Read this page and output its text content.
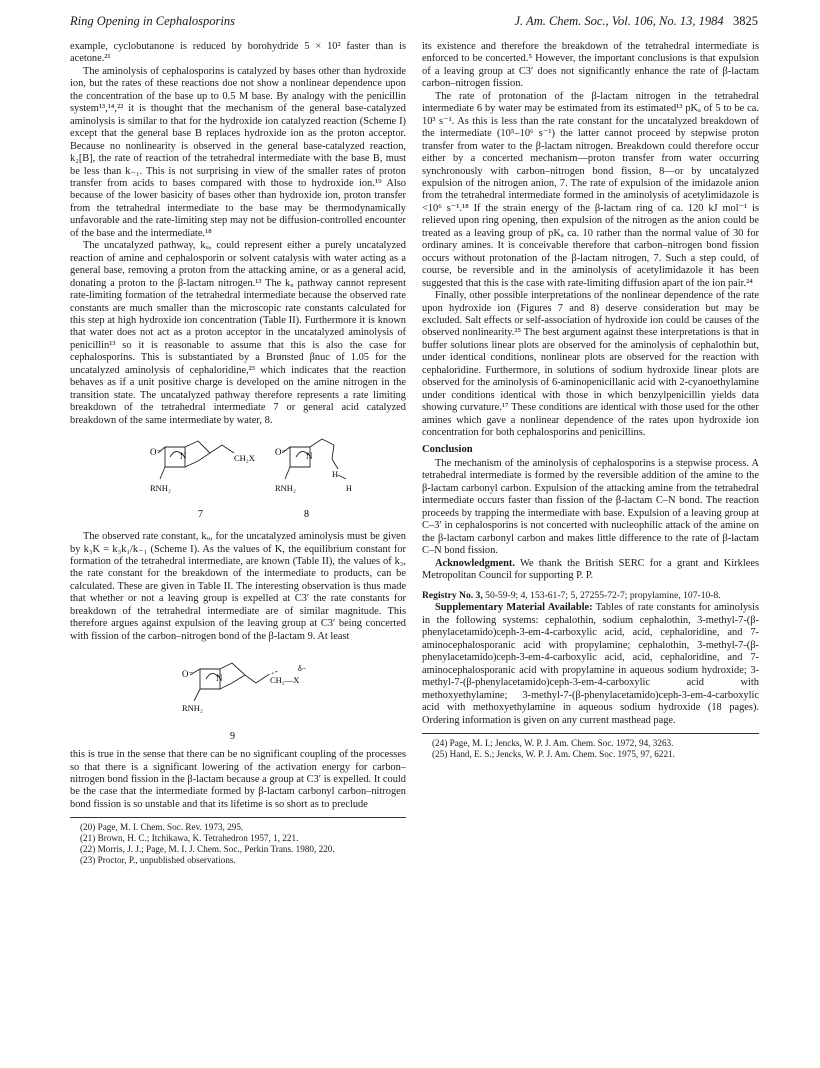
Ring Opening in Cephalosporins	J. Am. Chem. Soc., Vol. 106, No. 13, 1984 3825

example, cyclobutanone is reduced by borohydride 5 × 10² faster than is acetone.²¹

The aminolysis of cephalosporins is catalyzed by bases other than hydroxide ion, but the rates of these reactions doe not show a nonlinear dependence upon the concentration of the base up to 0.5 M base. By analogy with the penicillin system¹³,¹⁴,²² it is thought that the mechanism of the general base-catalyzed aminolysis is similar to that for the hydroxide ion catalyzed reaction (Scheme I) except that the general base B replaces hydroxide ion as the proton acceptor. Because no nonlinearity is observed in the general base-catalyzed reaction, k₂[B], the rate of reaction of the tetrahedral intermediate with the base B, must be less than k₋₁. This is not surprising in view of the smaller rates of proton transfer from acids to bases compared with those to hydroxide ion.¹⁹ Also because of the lower basicity of bases other than hydroxide ion, proton transfer from the tetrahedral intermediate to the base may be thermodynamically unfavorable and the rate-limiting step may not be diffusion-controlled encounter of the base and the intermediate.¹⁸

The uncatalyzed pathway, kᵤ, could represent either a purely uncatalyzed reaction of amine and cephalosporin or solvent catalysis with water acting as a general base, removing a proton from the attacking amine, or as a general acid, donating a proton to the β-lactam nitrogen.¹³ The kᵤ pathway cannot represent rate-limiting formation of the tetrahedral intermediate because the observed rate constants are much smaller than the microscopic rate constants calculated for this step at high hydroxide ion concentration (Table II). Furthermore it is known that water does not act as a proton acceptor in the uncatalyzed aminolysis of penicillin¹³ so it is reasonable to assume that this is also the case for cephalosporins. This is substantiated by a Brønsted βnuc of 1.05 for the uncatalyzed aminolysis of cephaloridine,²³ which indicates that the reaction behaves as if a unit positive charge is developed on the amine nitrogen in the transition state. The uncatalyzed pathway therefore represents a rate limiting breakdown of the tetrahedral intermediate 7 or general acid catalyzed breakdown of the same intermediate by water, 8.

O⁻ N	CH₂X
RNH₂
O⁻ N
RNH₂
H
H
7	8

The observed rate constant, kᵤ, for the uncatalyzed aminolysis must be given by k₃K = k₃k₁/k₋₁ (Scheme I). As the values of K, the equilibrium constant for formation of the tetrahedral intermediate, are known (Table II), the values of k₃, the rate constant for the breakdown of the intermediate to products, can be calculated. These are given in Table II. The interesting observation is thus made that whether or not a leaving group is expelled at C3′ the rate constants for breakdown of the tetrahedral intermediate are of similar magnitude. This therefore argues against expulsion of the leaving group at C3′ being concerted with fission of the carbon–nitrogen bond of the β-lactam 9. At least

O⁻	N	CH₂—X
δ−
RNH₂
9

this is true in the sense that there can be no significant coupling of the processes so that there is a significant lowering of the activation energy for carbon–nitrogen bond fission in the β-lactam because a group at C3′ is expelled. It could be the case that the intermediate formed by β-lactam carbonyl carbon–nitrogen bond fission is so unstable and that its lifetime is so short as to preclude

(20) Page, M. I. Chem. Soc. Rev. 1973, 295.
(21) Brown, H. C.; Itchikawa, K. Tetrahedron 1957, 1, 221.
(22) Morris, J. J.; Page, M. I. J. Chem. Soc., Perkin Trans. 1980, 220.
(23) Proctor, P., unpublished observations.

its existence and therefore the breakdown of the tetrahedral intermediate is enforced to be concerted.⁵ However, the important conclusions is that expulsion of a leaving group at C3′ does not significantly enhance the rate of β-lactam carbon–nitrogen fission.

The rate of protonation of the β-lactam nitrogen in the tetrahedral intermediate 6 by water may be estimated from its estimated¹³ pKₐ of 5 to be ca. 10³ s⁻¹. As this is less than the rate constant for the uncatalyzed breakdown of the intermediate (10⁵–10⁶ s⁻¹) the latter cannot proceed by stepwise proton transfer from water to the β-lactam nitrogen. Breakdown could therefore occur either by a concerted mechanism—proton transfer from water occurring synchronously with carbon–nitrogen bond fission, 8—or by uncatalyzed expulsion of the nitrogen anion, 7. The rate of expulsion of the imidazole anion from the tetrahedral intermediate formed in the aminolysis of acetylimidazole is <10⁶ s⁻¹.¹⁸ If the strain energy of the β-lactam ring of ca. 120 kJ mol⁻¹ is relieved upon ring opening, then expulsion of the nitrogen as the anion could be treated as a leaving group of pKₐ ca. 10 rather than the normal value of 30 for ordinary amines. It is conceivable therefore that carbon–nitrogen bond fission occurs without protonation of the β-lactam nitrogen, 7. Such a step could, of course, be reversible and in the aminolysis of acetylimidazole it has been suggested that this is the case with rate-limiting diffusion apart of the ion pair.²⁴

Finally, other possible interpretations of the nonlinear dependence of the rate upon hydroxide ion (Figures 7 and 8) deserve consideration but may be excluded. Salt effects or self-association of hydroxide ion could be causes of the observed nonlinearity.²⁵ The best argument against these interpretations is that in buffer solutions linear plots are observed for the aminolysis of cephalothin but, under identical conditions, nonlinear plots are observed for the reaction with cephaloridine. Furthermore, in solutions of sodium hydroxide linear plots are observed for the aminolysis of 6-aminopenicillanic acid with 2-cyanoethylamine under conditions identical with those in which benzylpenicillin yields data showing curvature.¹⁷ These conditions are identical with those used for the other amines which gave a nonlinear dependence of the rates upon hydroxide ion concentration for both cephalosporins and penicillins.

Conclusion

The mechanism of the aminolysis of cephalosporins is a stepwise process. A tetrahedral intermediate is formed by the reversible addition of the amine to the β-lactam carbonyl carbon. Expulsion of the attacking amine from the tetrahedral intermediate occurs faster than fission of the β-lactam C–N bond. The reaction proceeds by trapping the intermediate with base. Expulsion of a leaving group at C–3′ in cephalosporins is not concerted with nucleophilic attack of the amine on the β-lactam carbonyl carbon and makes little difference to the rate of β-lactam C–N bond fission.

Acknowledgment. We thank the British SERC for a grant and Kirklees Metropolitan Council for supporting P. P.

Registry No. 3, 50-59-9; 4, 153-61-7; 5, 27255-72-7; propylamine, 107-10-8.

Supplementary Material Available: Tables of rate constants for aminolysis in the following systems: cephalothin, sodium cephalothin, 3-methyl-7-(β-phenylacetamido)ceph-3-em-4-carboxylic acid, acid, cephaloridine, and 7-aminocephalosporanic acid with propylamine; cephalothin, 3-methyl-7-(β-phenylacetamido)ceph-3-em-4-carboxylic acid, acid, cephaloridine, and 7-aminocephalosporanic acid with propylamine in aqueous sodium hydroxide; 3-methyl-7-(β-phenylacetamido)ceph-3-em-4-carboxylic acid with methoxyethylamine; 3-methyl-7-(β-phenylacetamido)ceph-3-em-4-carboxylic acid with methoxyethylamine in aqueous sodium hydroxide (18 pages). Ordering information is given on any current masthead page.

(24) Page, M. I.; Jencks, W. P. J. Am. Chem. Soc. 1972, 94, 3263.
(25) Hand, E. S.; Jencks, W. P. J. Am. Chem. Soc. 1975, 97, 6221.
